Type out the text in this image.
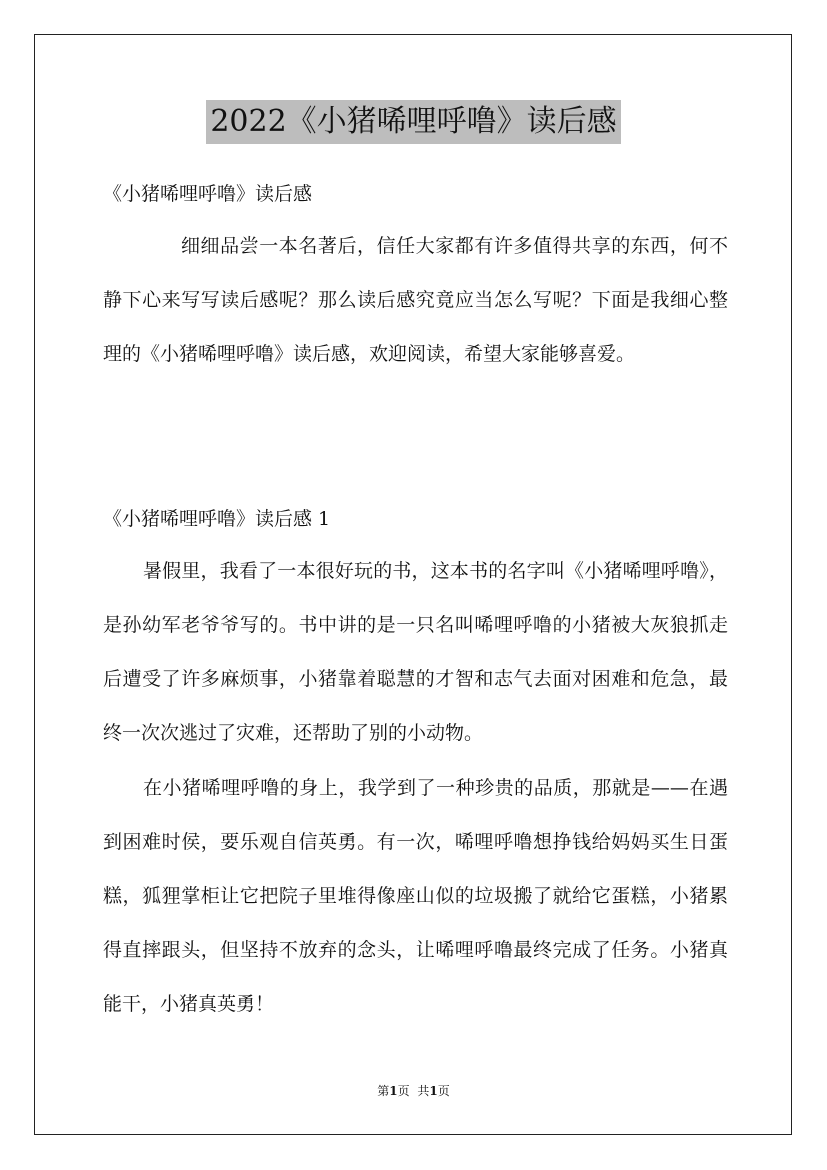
2022《小猪唏哩呼噜》读后感

《小猪唏哩呼噜》读后感

细细品尝一本名著后，信任大家都有许多值得共享的东西，何不静下心来写写读后感呢？那么读后感究竟应当怎么写呢？下面是我细心整理的《小猪唏哩呼噜》读后感，欢迎阅读，希望大家能够喜爱。

《小猪唏哩呼噜》读后感 1

暑假里，我看了一本很好玩的书，这本书的名字叫《小猪唏哩呼噜》，是孙幼军老爷爷写的。书中讲的是一只名叫唏哩呼噜的小猪被大灰狼抓走后遭受了许多麻烦事，小猪靠着聪慧的才智和志气去面对困难和危急，最终一次次逃过了灾难，还帮助了别的小动物。

在小猪唏哩呼噜的身上，我学到了一种珍贵的品质，那就是——在遇到困难时侯，要乐观自信英勇。有一次，唏哩呼噜想挣钱给妈妈买生日蛋糕，狐狸掌柜让它把院子里堆得像座山似的垃圾搬了就给它蛋糕，小猪累得直摔跟头，但坚持不放弃的念头，让唏哩呼噜最终完成了任务。小猪真能干，小猪真英勇！

第1页 共1页
